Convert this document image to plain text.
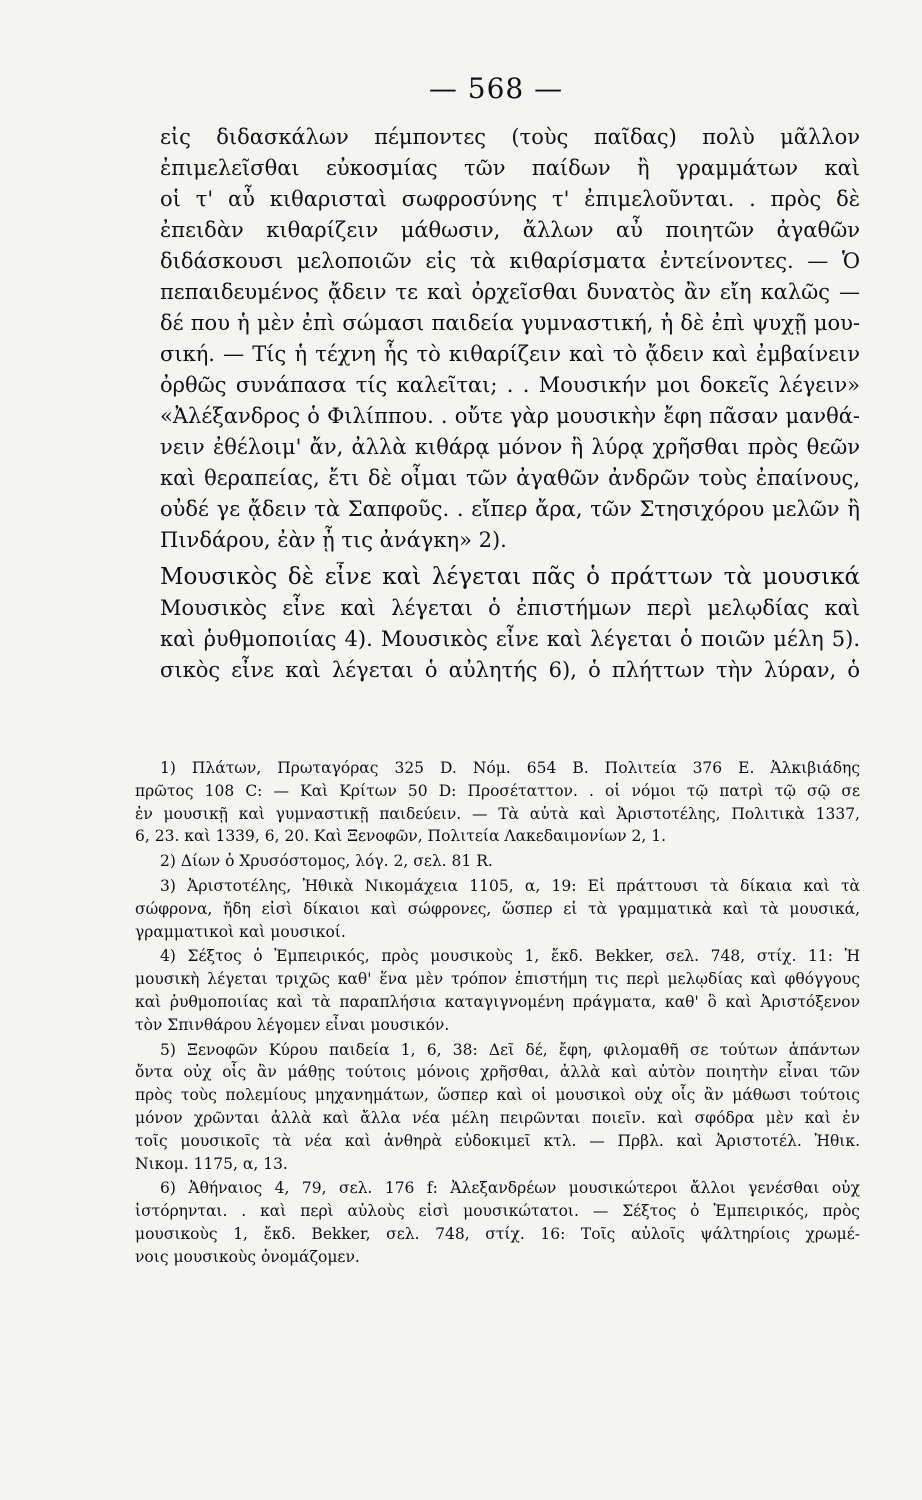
— 568 —
εἰς διδασκάλων πέμποντες (τοὺς παῖδας) πολὺ μᾶλλον
ἐπιμελεῖσθαι εὐκοσμίας τῶν παίδων ἢ γραμμάτων καὶ
οἱ τ' αὖ κιθαρισταὶ σωφροσύνης τ' ἐπιμελοῦνται. . πρὸς δὲ
ἐπειδὰν κιθαρίζειν μάθωσιν, ἄλλων αὖ ποιητῶν ἀγαθῶν
διδάσκουσι μελοποιῶν εἰς τὰ κιθαρίσματα ἐντείνοντες. — Ὁ
πεπαιδευμένος ᾄδειν τε καὶ ὀρχεῖσθαι δυνατὸς ἂν εἴη καλῶς —
δέ που ἡ μὲν ἐπὶ σώμασι παιδεία γυμναστική, ἡ δὲ ἐπὶ ψυχῇ μου-
σική. — Τίς ἡ τέχνη ἧς τὸ κιθαρίζειν καὶ τὸ ᾄδειν καὶ ἐμβαίνειν
ὀρθῶς συνάπασα τίς καλεῖται; . . Μουσικήν μοι δοκεῖς λέγειν»
«Ἀλέξανδρος ὁ Φιλίππου. . οὔτε γὰρ μουσικὴν ἔφη πᾶσαν μανθά-
νειν ἐθέλοιμ' ἄν, ἀλλὰ κιθάρᾳ μόνον ἢ λύρᾳ χρῆσθαι πρὸς θεῶν
καὶ θεραπείας, ἔτι δὲ οἶμαι τῶν ἀγαθῶν ἀνδρῶν τοὺς ἐπαίνους,
οὐδέ γε ᾄδειν τὰ Σαπφοῦς. . εἴπερ ἄρα, τῶν Στησιχόρου μελῶν ἢ
Πινδάρου, ἐὰν ᾖ τις ἀνάγκη» 2).
Μουσικὸς δὲ εἶνε καὶ λέγεται πᾶς ὁ πράττων τὰ μουσικά
Μουσικὸς εἶνε καὶ λέγεται ὁ ἐπιστήμων περὶ μελῳδίας καὶ
καὶ ῥυθμοποιίας 4). Μουσικὸς εἶνε καὶ λέγεται ὁ ποιῶν μέλη 5).
σικὸς εἶνε καὶ λέγεται ὁ αὐλητής 6), ὁ πλήττων τὴν λύραν, ὁ
1) Πλάτων, Πρωταγόρας 325 D. Νόμ. 654 B. Πολιτεία 376 E. Ἀλκιβιάδης
πρῶτος 108 C: — Καὶ Κρίτων 50 D: Προσέταττον. . οἱ νόμοι τῷ πατρὶ τῷ σῷ σε
ἐν μουσικῇ καὶ γυμναστικῇ παιδεύειν. — Τὰ αὐτὰ καὶ Ἀριστοτέλης, Πολιτικὰ 1337,
6, 23. καὶ 1339, 6, 20. Καὶ Ξενοφῶν, Πολιτεία Λακεδαιμονίων 2, 1.
2) Δίων ὁ Χρυσόστομος, λόγ. 2, σελ. 81 R.
3) Ἀριστοτέλης, Ἠθικὰ Νικομάχεια 1105, α, 19: Εἰ πράττουσι τὰ δίκαια καὶ τὰ
σώφρονα, ἤδη εἰσὶ δίκαιοι καὶ σώφρονες, ὥσπερ εἰ τὰ γραμματικὰ καὶ τὰ μουσικά,
γραμματικοὶ καὶ μουσικοί.
4) Σέξτος ὁ Ἐμπειρικός, πρὸς μουσικοὺς 1, ἔκδ. Bekker, σελ. 748, στίχ. 11: Ἡ
μουσικὴ λέγεται τριχῶς καθ' ἕνα μὲν τρόπον ἐπιστήμη τις περὶ μελῳδίας καὶ φθόγγους
καὶ ῥυθμοποιίας καὶ τὰ παραπλήσια καταγιγνομένη πράγματα, καθ' ὃ καὶ Ἀριστόξενον
τὸν Σπινθάρου λέγομεν εἶναι μουσικόν.
5) Ξενοφῶν Κύρου παιδεία 1, 6, 38: Δεῖ δέ, ἔφη, φιλομαθῆ σε τούτων ἁπάντων
ὄντα οὐχ οἷς ἂν μάθῃς τούτοις μόνοις χρῆσθαι, ἀλλὰ καὶ αὐτὸν ποιητὴν εἶναι τῶν
πρὸς τοὺς πολεμίους μηχανημάτων, ὥσπερ καὶ οἱ μουσικοὶ οὐχ οἷς ἂν μάθωσι τούτοις
μόνον χρῶνται ἀλλὰ καὶ ἄλλα νέα μέλη πειρῶνται ποιεῖν. καὶ σφόδρα μὲν καὶ ἐν
τοῖς μουσικοῖς τὰ νέα καὶ ἀνθηρὰ εὐδοκιμεῖ κτλ. — Πρβλ. καὶ Ἀριστοτέλ. Ἠθικ.
Νικομ. 1175, α, 13.
6) Ἀθήναιος 4, 79, σελ. 176 f: Ἀλεξανδρέων μουσικώτεροι ἄλλοι γενέσθαι οὐχ
ἱστόρηνται. . καὶ περὶ αὐλοὺς εἰσὶ μουσικώτατοι. — Σέξτος ὁ Ἐμπειρικός, πρὸς
μουσικοὺς 1, ἔκδ. Bekker, σελ. 748, στίχ. 16: Τοῖς αὐλοῖς ψάλτηρίοις χρωμέ-
νοις μουσικοὺς ὀνομάζομεν.
